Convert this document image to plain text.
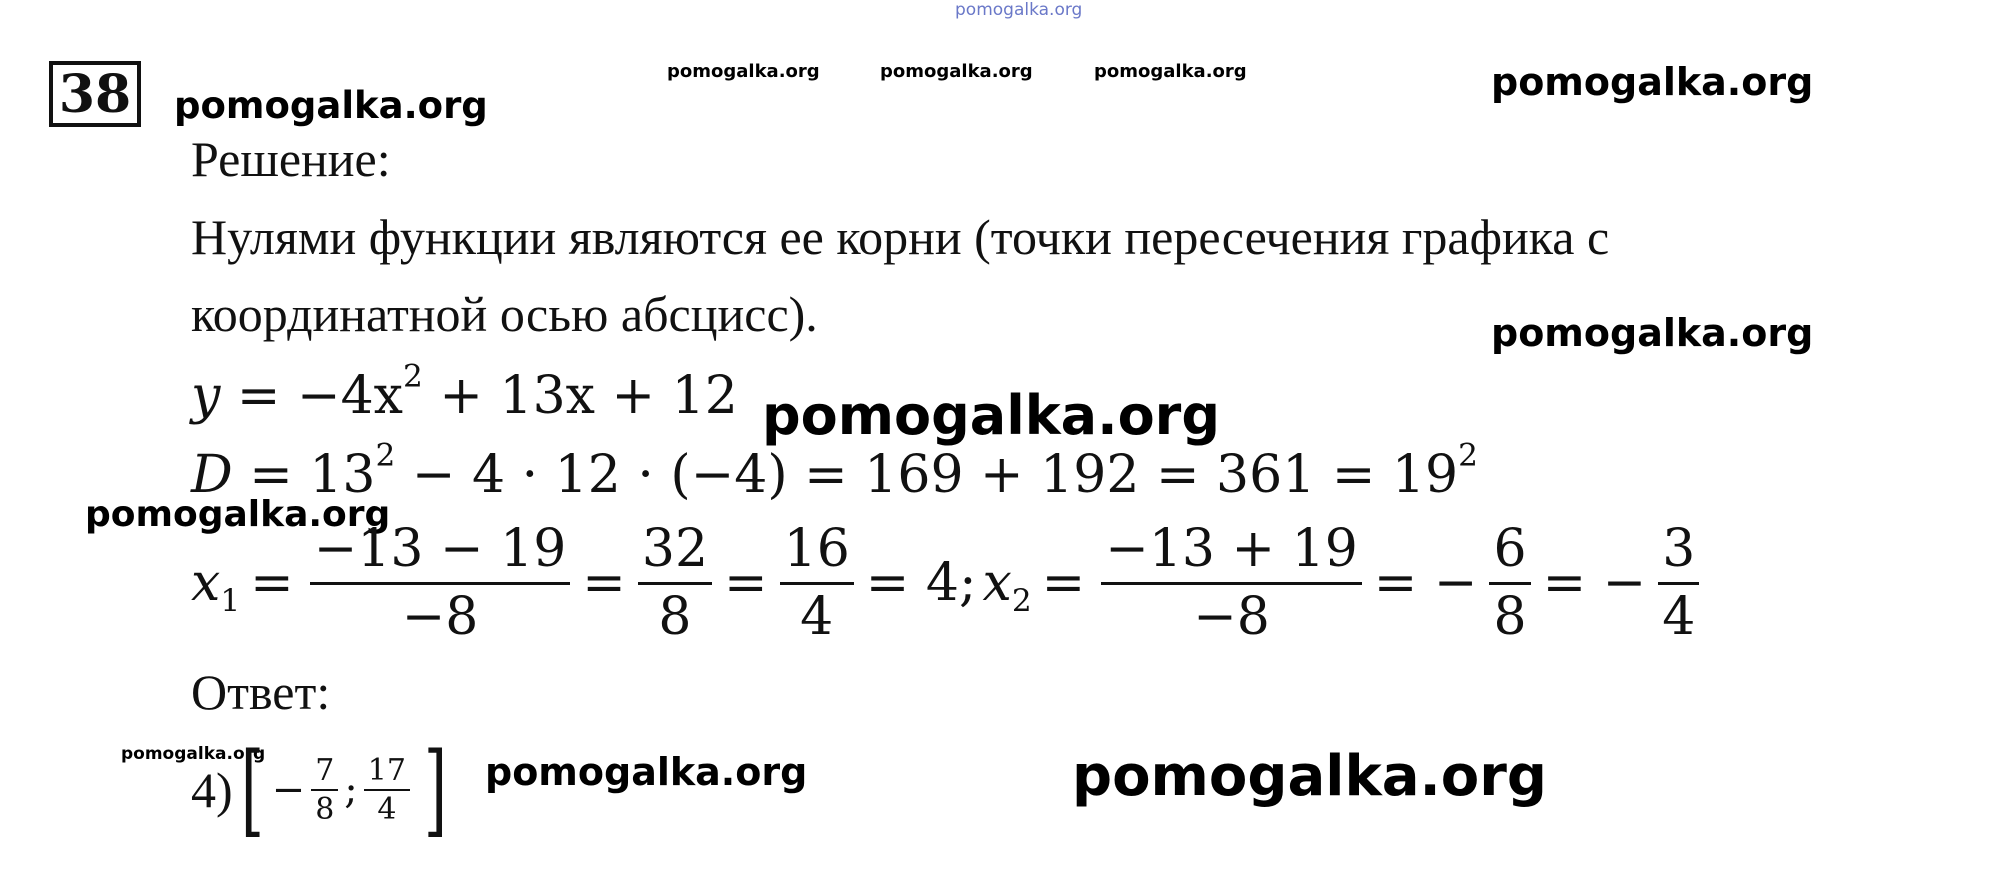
pomogalka.org
pomogalka.org	pomogalka.org	pomogalka.org
pomogalka.org
pomogalka.org
pomogalka.org
pomogalka.org
pomogalka.org
pomogalka.org	pomogalka.org	pomogalka.org
38
Решение:
Нулями функции являются ее корни (точки пересечения графика с
координатной осью абсцисс).
$y = -4x^2 + 13x + 12$
$D = 13^2 - 4 \cdot 12 \cdot (-4) = 169 + 192 = 361 = 19^2$
$x_1 = \frac{-13 - 19}{-8} = \frac{32}{8} = \frac{16}{4} = 4$; $x_2 = \frac{-13 + 19}{-8}$ = − $\frac{6}{8}$ = − $\frac{3}{4}$
Ответ:
4) [ − $\frac{7}{8}$ ; $\frac{17}{4}$ ]
